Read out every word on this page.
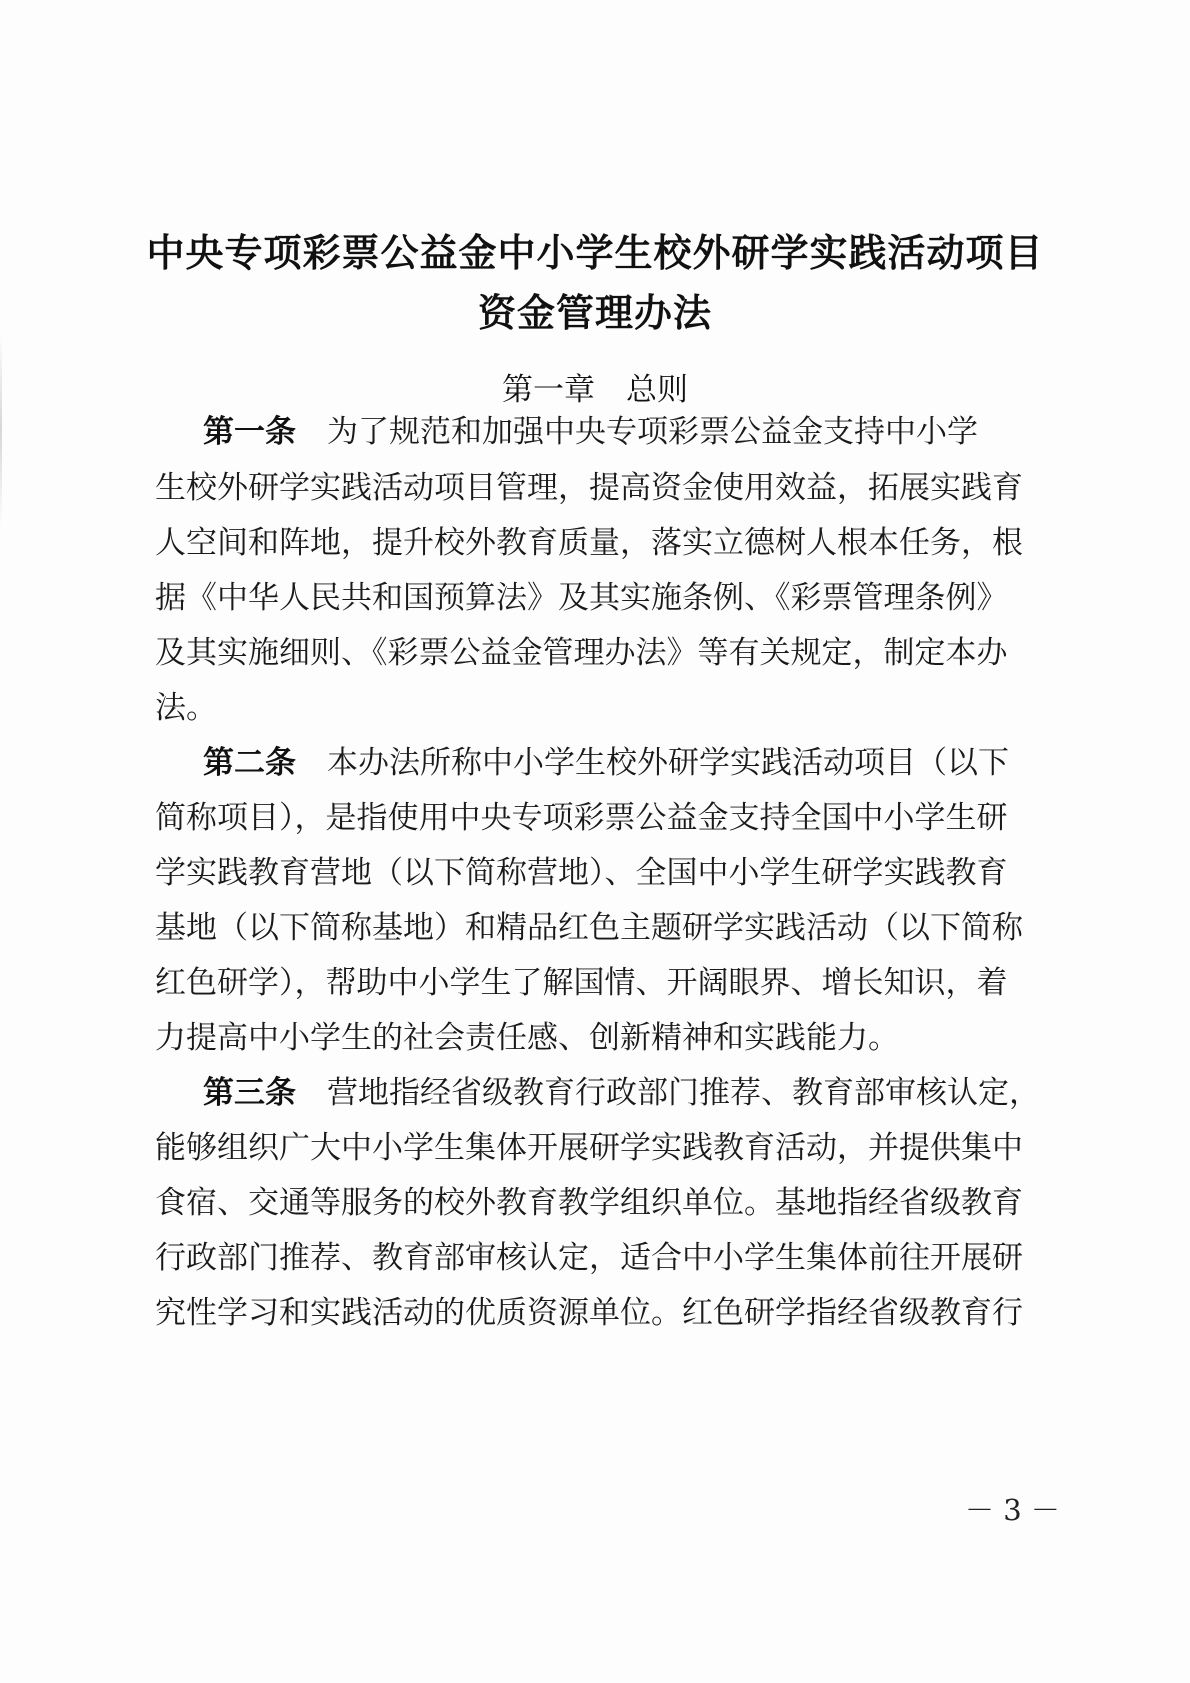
中央专项彩票公益金中小学生校外研学实践活动项目
资金管理办法
第一章　总则
第一条　 为了规范和加强中央专项彩票公益金支持中小学
生校外研学实践活动项目管理，提高资金使用效益，拓展实践育
人空间和阵地，提升校外教育质量，落实立德树人根本任务，根
据《中华人民共和国预算法》及其实施条例、《彩票管理条例》
及其实施细则、《彩票公益金管理办法》等有关规定，制定本办
法。
第二条　 本办法所称中小学生校外研学实践活动项目（以下
简称项目），是指使用中央专项彩票公益金支持全国中小学生研
学实践教育营地（以下简称营地）、全国中小学生研学实践教育
基地（以下简称基地）和精品红色主题研学实践活动（以下简称
红色研学），帮助中小学生了解国情、开阔眼界、增长知识，着
力提高中小学生的社会责任感、创新精神和实践能力。
第三条　 营地指经省级教育行政部门推荐、教育部审核认定，
能够组织广大中小学生集体开展研学实践教育活动，并提供集中
食宿、交通等服务的校外教育教学组织单位。基地指经省级教育
行政部门推荐、教育部审核认定，适合中小学生集体前往开展研
究性学习和实践活动的优质资源单位。红色研学指经省级教育行
－ 3 －
